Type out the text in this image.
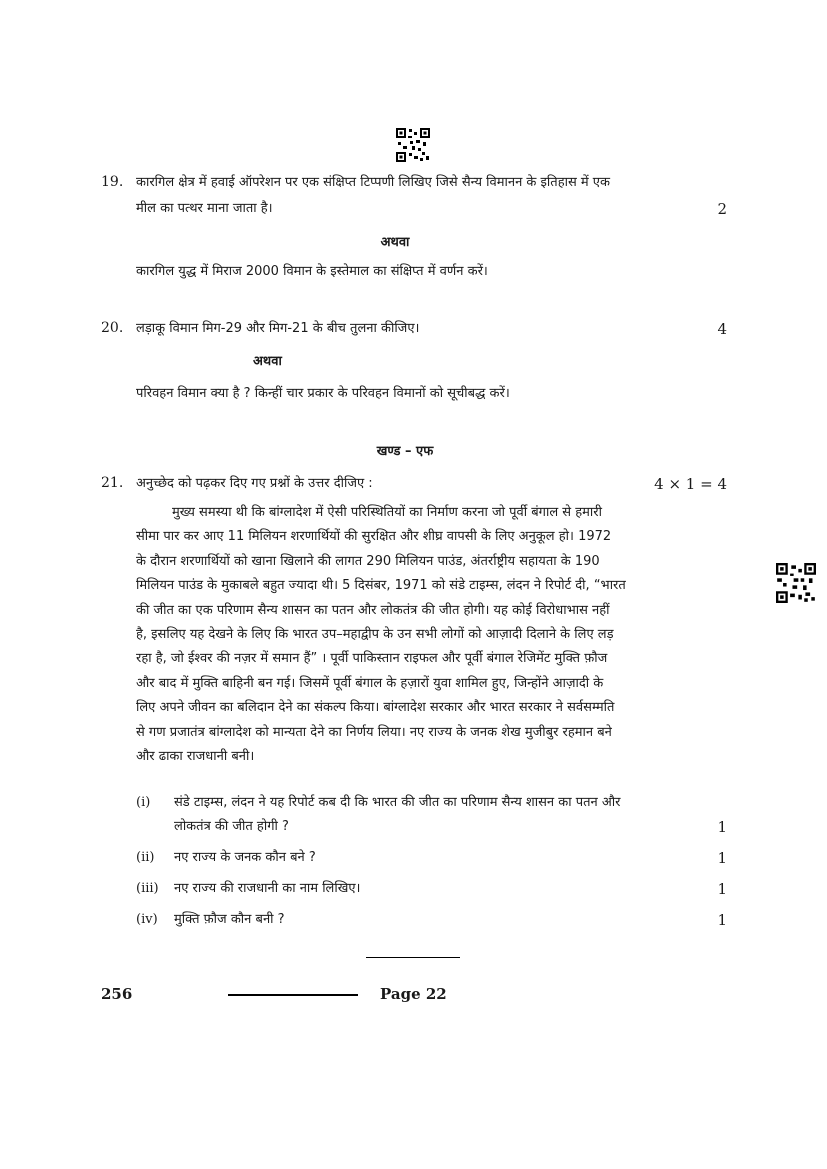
19. कारगिल क्षेत्र में हवाई ऑपरेशन पर एक संक्षिप्त टिप्पणी लिखिए जिसे सैन्य विमानन के इतिहास में एक
मील का पत्थर माना जाता है।	2
अथवा
कारगिल युद्ध में मिराज 2000 विमान के इस्तेमाल का संक्षिप्त में वर्णन करें।
20. लड़ाकू विमान मिग-29 और मिग-21 के बीच तुलना कीजिए।	4
अथवा
परिवहन विमान क्या है ? किन्हीं चार प्रकार के परिवहन विमानों को सूचीबद्ध करें।
खण्ड – एफ
21. अनुच्छेद को पढ़कर दिए गए प्रश्नों के उत्तर दीजिए :	4 × 1 = 4
मुख्य समस्या थी कि बांग्लादेश में ऐसी परिस्थितियों का निर्माण करना जो पूर्वी बंगाल से हमारी
सीमा पार कर आए 11 मिलियन शरणार्थियों की सुरक्षित और शीघ्र वापसी के लिए अनुकूल हो। 1972
के दौरान शरणार्थियों को खाना खिलाने की लागत 290 मिलियन पाउंड, अंतर्राष्ट्रीय सहायता के 190
मिलियन पाउंड के मुकाबले बहुत ज्यादा थी। 5 दिसंबर, 1971 को संडे टाइम्स, लंदन ने रिपोर्ट दी, “भारत
की जीत का एक परिणाम सैन्य शासन का पतन और लोकतंत्र की जीत होगी। यह कोई विरोधाभास नहीं
है, इसलिए यह देखने के लिए कि भारत उप–महाद्वीप के उन सभी लोगों को आज़ादी दिलाने के लिए लड़
रहा है, जो ईश्वर की नज़र में समान हैं” । पूर्वी पाकिस्तान राइफल और पूर्वी बंगाल रेजिमेंट मुक्ति फ़ौज
और बाद में मुक्ति बाहिनी बन गई। जिसमें पूर्वी बंगाल के हज़ारों युवा शामिल हुए, जिन्होंने आज़ादी के
लिए अपने जीवन का बलिदान देने का संकल्प किया। बांग्लादेश सरकार और भारत सरकार ने सर्वसम्मति
से गण प्रजातंत्र बांग्लादेश को मान्यता देने का निर्णय लिया। नए राज्य के जनक शेख मुजीबुर रहमान बने
और ढाका राजधानी बनी।
(i) संडे टाइम्स, लंदन ने यह रिपोर्ट कब दी कि भारत की जीत का परिणाम सैन्य शासन का पतन और
लोकतंत्र की जीत होगी ?	1
(ii) नए राज्य के जनक कौन बने ?	1
(iii) नए राज्य की राजधानी का नाम लिखिए।	1
(iv) मुक्ति फ़ौज कौन बनी ?	1
256	Page 22
